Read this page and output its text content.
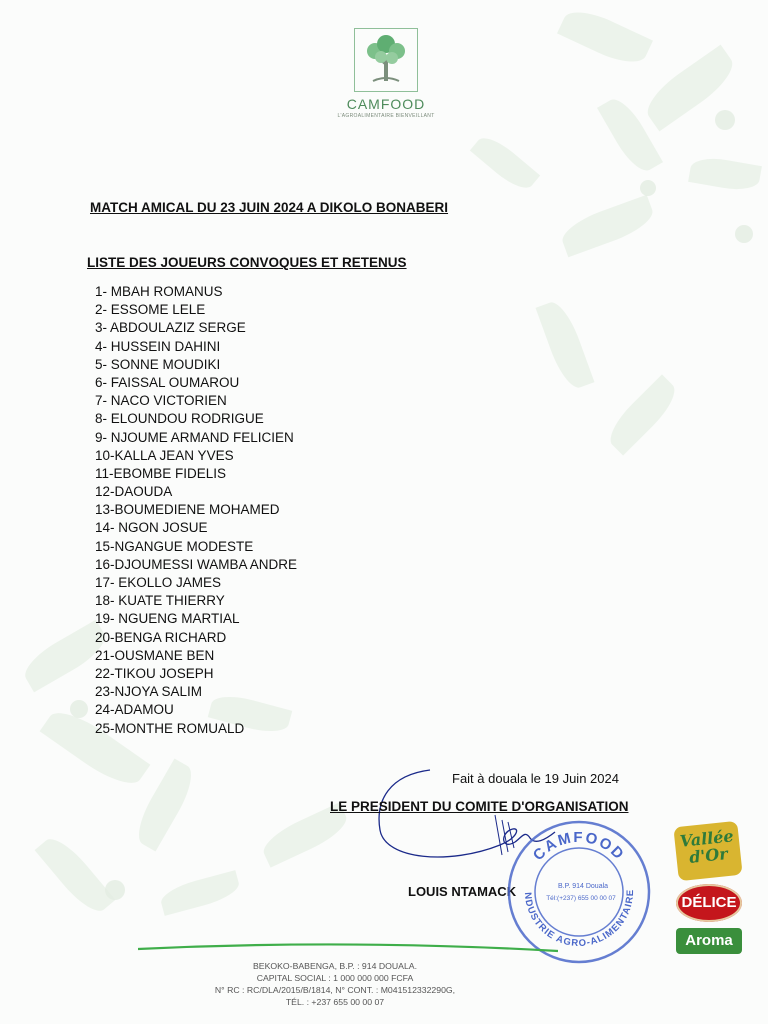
CAMFOOD
L'AGROALIMENTAIRE BIENVEILLANT
MATCH AMICAL DU 23 JUIN 2024 A DIKOLO BONABERI
LISTE DES JOUEURS CONVOQUES ET RETENUS
1- MBAH ROMANUS
2- ESSOME LELE
3- ABDOULAZIZ SERGE
4- HUSSEIN DAHINI
5- SONNE MOUDIKI
6- FAISSAL OUMAROU
7- NACO VICTORIEN
8- ELOUNDOU RODRIGUE
9- NJOUME ARMAND FELICIEN
10-KALLA JEAN YVES
11-EBOMBE FIDELIS
12-DAOUDA
13-BOUMEDIENE MOHAMED
14- NGON JOSUE
15-NGANGUE MODESTE
16-DJOUMESSI WAMBA ANDRE
17- EKOLLO JAMES
18- KUATE THIERRY
19- NGUENG MARTIAL
20-BENGA RICHARD
21-OUSMANE BEN
22-TIKOU JOSEPH
23-NJOYA SALIM
24-ADAMOU
25-MONTHE ROMUALD
Fait à douala le 19 Juin 2024
LE PRESIDENT DU COMITE D'ORGANISATION
LOUIS NTAMACK
CAMFOOD
NDUSTRIE AGRO-ALIMENTAIRE
B.P. 914 Douala
Tél:(+237) 655 00 00 07
Vallée d'Or
DÉLICE
Aroma
BEKOKO-BABENGA, B.P. : 914 DOUALA.
CAPITAL SOCIAL : 1 000 000 000 FCFA
N° RC : RC/DLA/2015/B/1814, N° CONT. : M041512332290G,
TÉL. : +237 655 00 00 07
